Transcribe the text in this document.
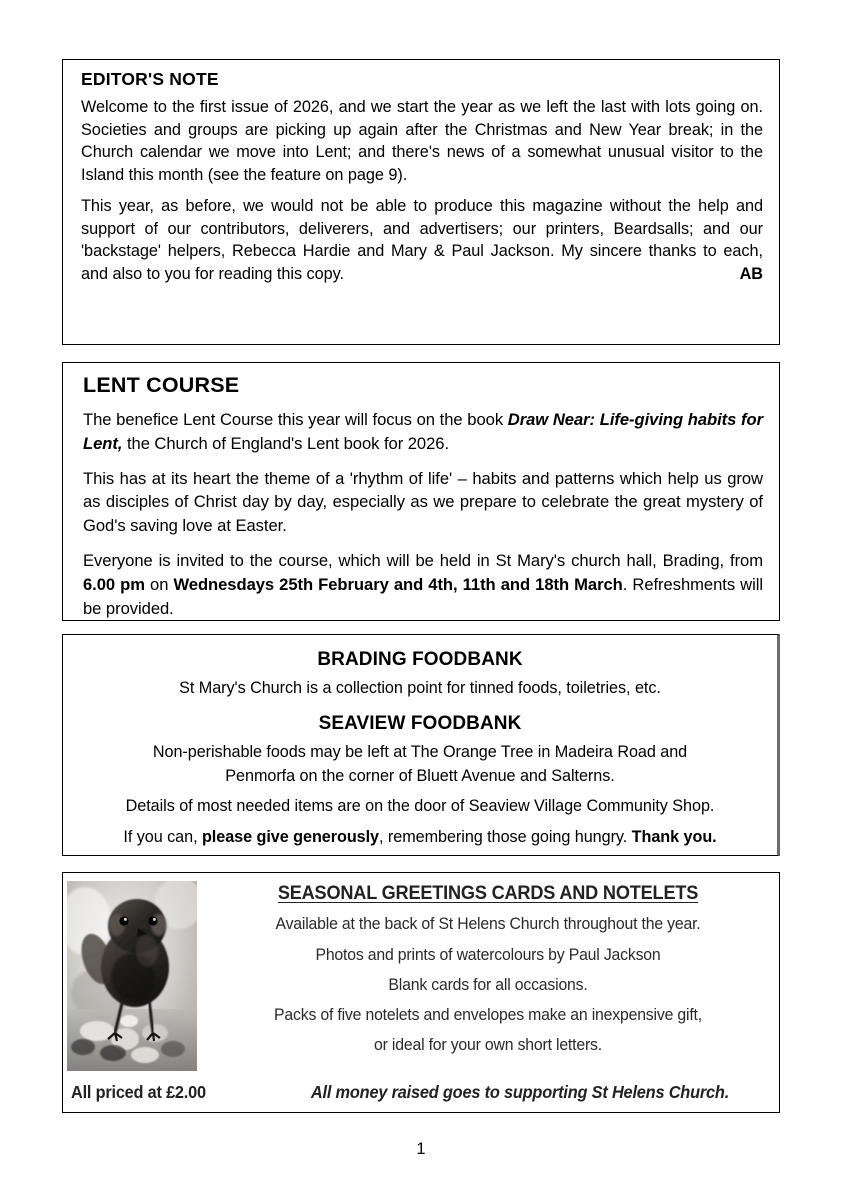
EDITOR'S NOTE

Welcome to the first issue of 2026, and we start the year as we left the last with lots going on. Societies and groups are picking up again after the Christmas and New Year break; in the Church calendar we move into Lent; and there's news of a somewhat unusual visitor to the Island this month (see the feature on page 9).

This year, as before, we would not be able to produce this magazine without the help and support of our contributors, deliverers, and advertisers; our printers, Beardsalls; and our 'backstage' helpers, Rebecca Hardie and Mary & Paul Jackson. My sincere thanks to each, and also to you for reading this copy.	AB

LENT COURSE

The benefice Lent Course this year will focus on the book Draw Near: Life-giving habits for Lent, the Church of England's Lent book for 2026.

This has at its heart the theme of a 'rhythm of life' – habits and patterns which help us grow as disciples of Christ day by day, especially as we prepare to celebrate the great mystery of God's saving love at Easter.

Everyone is invited to the course, which will be held in St Mary's church hall, Brading, from 6.00 pm on Wednesdays 25th February and 4th, 11th and 18th March. Refreshments will be provided.

BRADING FOODBANK

St Mary's Church is a collection point for tinned foods, toiletries, etc.

SEAVIEW FOODBANK

Non-perishable foods may be left at The Orange Tree in Madeira Road and

Penmorfa on the corner of Bluett Avenue and Salterns.

Details of most needed items are on the door of Seaview Village Community Shop.

If you can, please give generously, remembering those going hungry. Thank you.

SEASONAL GREETINGS CARDS AND NOTELETS
Available at the back of St Helens Church throughout the year.
Photos and prints of watercolours by Paul Jackson
Blank cards for all occasions.
Packs of five notelets and envelopes make an inexpensive gift,
or ideal for your own short letters.
All priced at £2.00	All money raised goes to supporting St Helens Church.
1
